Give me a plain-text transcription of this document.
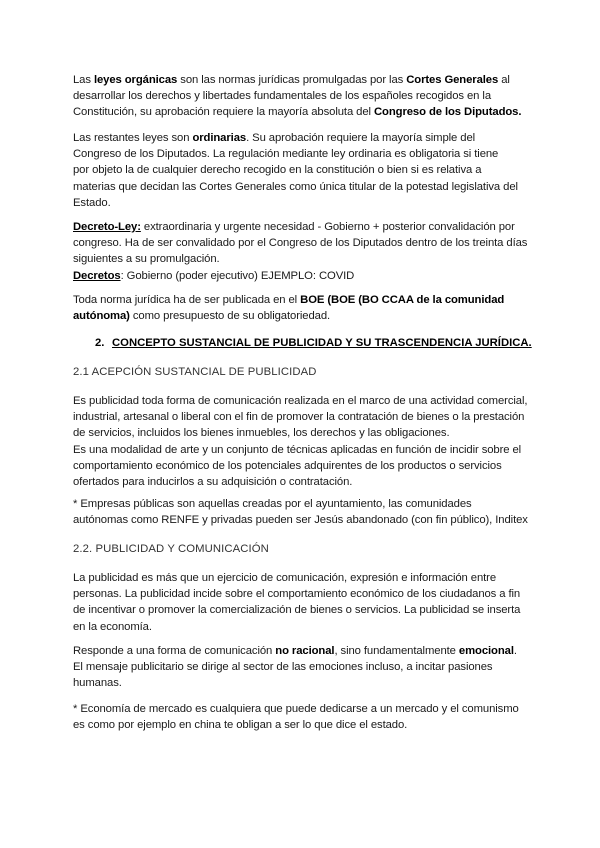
Las leyes orgánicas son las normas jurídicas promulgadas por las Cortes Generales al

desarrollar los derechos y libertades fundamentales de los españoles recogidos en la

Constitución, su aprobación requiere la mayoría absoluta del Congreso de los Diputados.

Las restantes leyes son ordinarias. Su aprobación requiere la mayoría simple del

Congreso de los Diputados. La regulación mediante ley ordinaria es obligatoria si tiene

por objeto la de cualquier derecho recogido en la constitución o bien si es relativa a

materias que decidan las Cortes Generales como única titular de la potestad legislativa del

Estado.

Decreto-Ley: extraordinaria y urgente necesidad - Gobierno + posterior convalidación por

congreso. Ha de ser convalidado por el Congreso de los Diputados dentro de los treinta días

siguientes a su promulgación.

Decretos: Gobierno (poder ejecutivo) EJEMPLO: COVID

Toda norma jurídica ha de ser publicada en el BOE (BOE (BO CCAA de la comunidad

autónoma) como presupuesto de su obligatoriedad.

2. CONCEPTO SUSTANCIAL DE PUBLICIDAD Y SU TRASCENDENCIA JURÍDICA.
2.1 ACEPCIÓN SUSTANCIAL DE PUBLICIDAD

Es publicidad toda forma de comunicación realizada en el marco de una actividad comercial,

industrial, artesanal o liberal con el fin de promover la contratación de bienes o la prestación

de servicios, incluidos los bienes inmuebles, los derechos y las obligaciones.

Es una modalidad de arte y un conjunto de técnicas aplicadas en función de incidir sobre el

comportamiento económico de los potenciales adquirentes de los productos o servicios

ofertados para inducirlos a su adquisición o contratación.

* Empresas públicas son aquellas creadas por el ayuntamiento, las comunidades

autónomas como RENFE y privadas pueden ser Jesús abandonado (con fin público), Inditex

2.2. PUBLICIDAD Y COMUNICACIÓN

La publicidad es más que un ejercicio de comunicación, expresión e información entre

personas. La publicidad incide sobre el comportamiento económico de los ciudadanos a fin

de incentivar o promover la comercialización de bienes o servicios. La publicidad se inserta

en la economía.

Responde a una forma de comunicación no racional, sino fundamentalmente emocional.

El mensaje publicitario se dirige al sector de las emociones incluso, a incitar pasiones

humanas.

* Economía de mercado es cualquiera que puede dedicarse a un mercado y el comunismo

es como por ejemplo en china te obligan a ser lo que dice el estado.
